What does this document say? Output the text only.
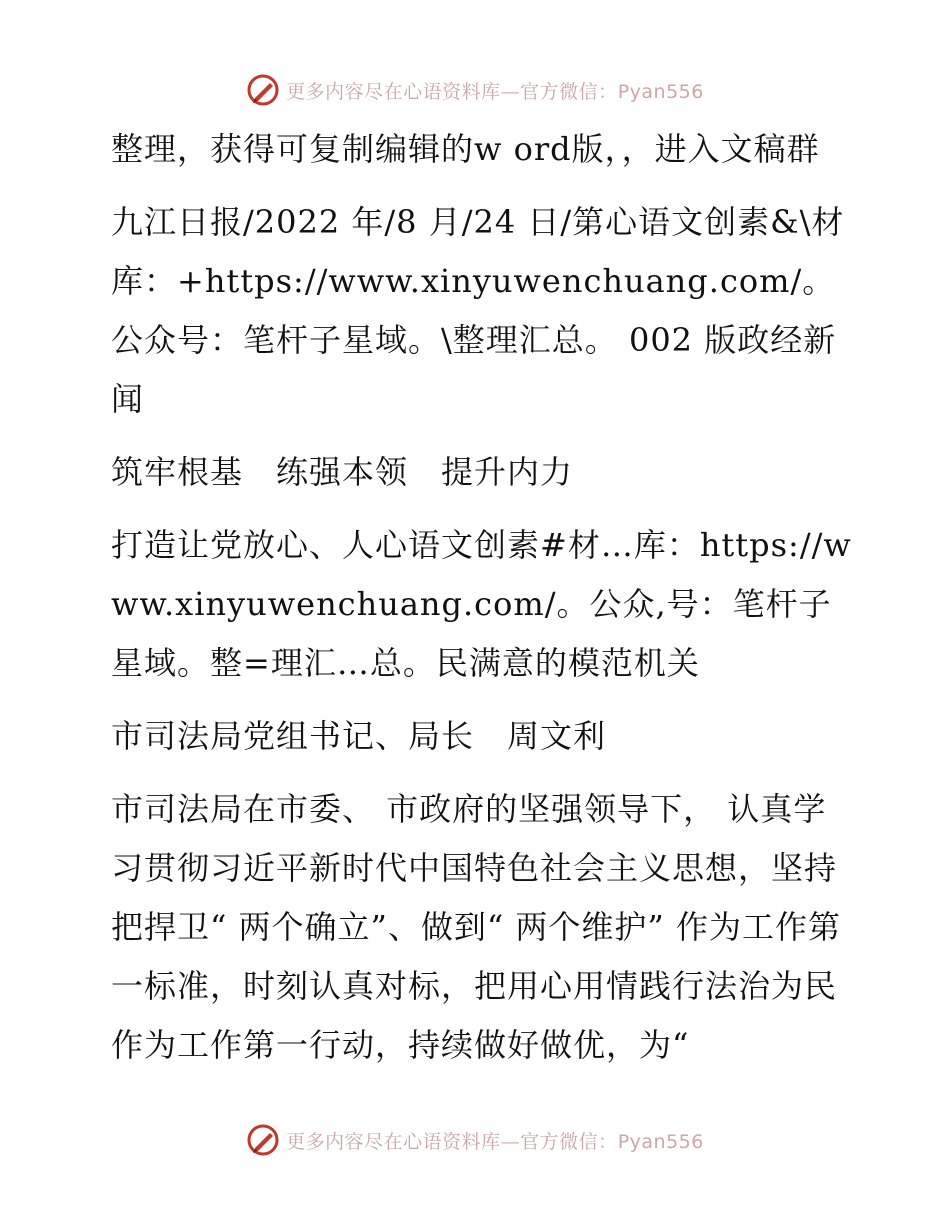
更多内容尽在心语资料库—官方微信：Pyan556

整理，获得可复制编辑的w ord版，，进入文稿群

九江日报/2022 年/8 月/24 日/第心语文创素&\材库：+https://www.xinyuwenchuang.com/。公众号：笔杆子星域。\整理汇总。 002 版政经新闻

筑牢根基　练强本领　提升内力

打造让党放心、人心语文创素#材…库：https://www.xinyuwenchuang.com/。公众,号：笔杆子星域。整=理汇…总。民满意的模范机关

市司法局党组书记、局长　周文利

市司法局在市委、 市政府的坚强领导下， 认真学习贯彻习近平新时代中国特色社会主义思想，坚持把捍卫“ 两个确立”、做到“ 两个维护” 作为工作第一标准，时刻认真对标，把用心用情践行法治为民作为工作第一行动，持续做好做优，为“

更多内容尽在心语资料库—官方微信：Pyan556
